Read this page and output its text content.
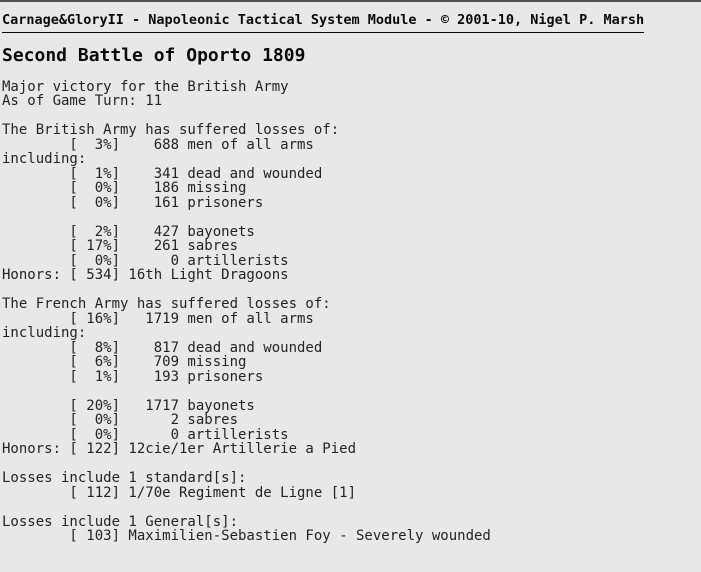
Carnage&GloryII - Napoleonic Tactical System Module - © 2001-10, Nigel P. Marsh
Second Battle of Oporto 1809
Major victory for the British Army
As of Game Turn: 11
The British Army has suffered losses of:
[  3%]    688 men of all arms
including:
[  1%]    341 dead and wounded
[  0%]    186 missing
[  0%]    161 prisoners
[  2%]    427 bayonets
[ 17%]    261 sabres
[  0%]      0 artillerists
Honors: [ 534] 16th Light Dragoons
The French Army has suffered losses of:
[ 16%]   1719 men of all arms
including:
[  8%]    817 dead and wounded
[  6%]    709 missing
[  1%]    193 prisoners
[ 20%]   1717 bayonets
[  0%]      2 sabres
[  0%]      0 artillerists
Honors: [ 122] 12cie/1er Artillerie a Pied
Losses include 1 standard[s]:
[ 112] 1/70e Regiment de Ligne [1]
Losses include 1 General[s]:
[ 103] Maximilien-Sebastien Foy - Severely wounded
